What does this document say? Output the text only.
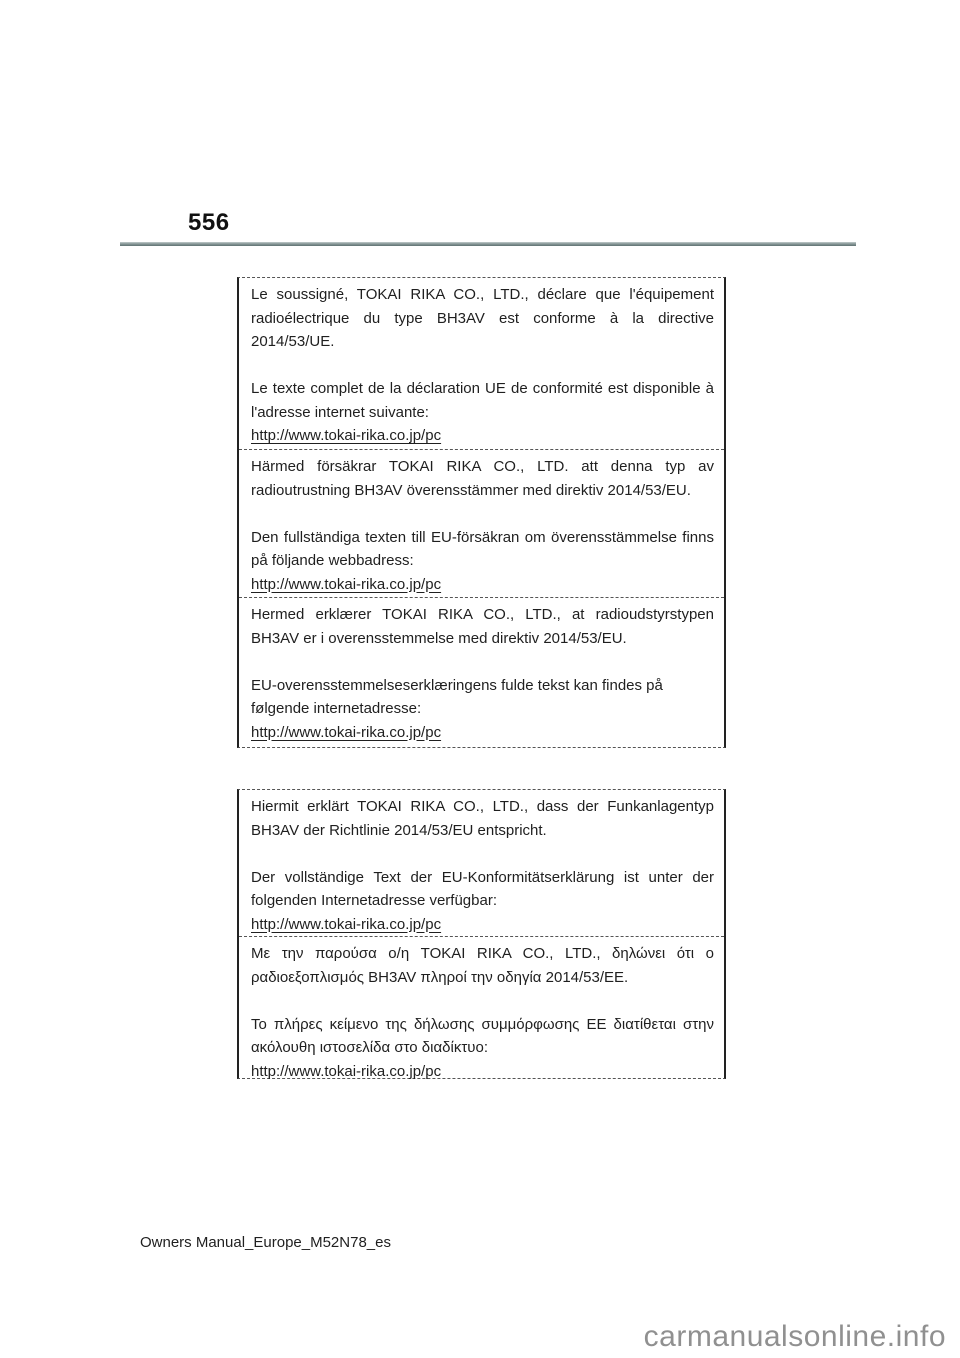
556

Le soussigné, TOKAI RIKA CO., LTD., déclare que l'équipement radioélectrique du type BH3AV est conforme à la directive 2014/53/UE.

Le texte complet de la déclaration UE de conformité est disponible à l'adresse internet suivante:

http://www.tokai-rika.co.jp/pc

Härmed försäkrar TOKAI RIKA CO., LTD. att denna typ av radioutrustning BH3AV överensstämmer med direktiv 2014/53/EU.

Den fullständiga texten till EU-försäkran om överensstämmelse finns på följande webbadress:

http://www.tokai-rika.co.jp/pc

Hermed erklærer TOKAI RIKA CO., LTD., at radioudstyrstypen BH3AV er i overensstemmelse med direktiv 2014/53/EU.

EU-overensstemmelseserklæringens fulde tekst kan findes på følgende internetadresse:

http://www.tokai-rika.co.jp/pc

Hiermit erklärt TOKAI RIKA CO., LTD., dass der Funkanlagentyp BH3AV der Richtlinie 2014/53/EU entspricht.

Der vollständige Text der EU-Konformitätserklärung ist unter der folgenden Internetadresse verfügbar:

http://www.tokai-rika.co.jp/pc

Με την παρούσα ο/η TOKAI RIKA CO., LTD., δηλώνει ότι ο ραδιοεξοπλισμός BH3AV πληροί την οδηγία 2014/53/ΕΕ.

Το πλήρες κείμενο της δήλωσης συμμόρφωσης ΕΕ διατίθεται στην ακόλουθη ιστοσελίδα στο διαδίκτυο:

http://www.tokai-rika.co.jp/pc

Owners Manual_Europe_M52N78_es
carmanualsonline.info
